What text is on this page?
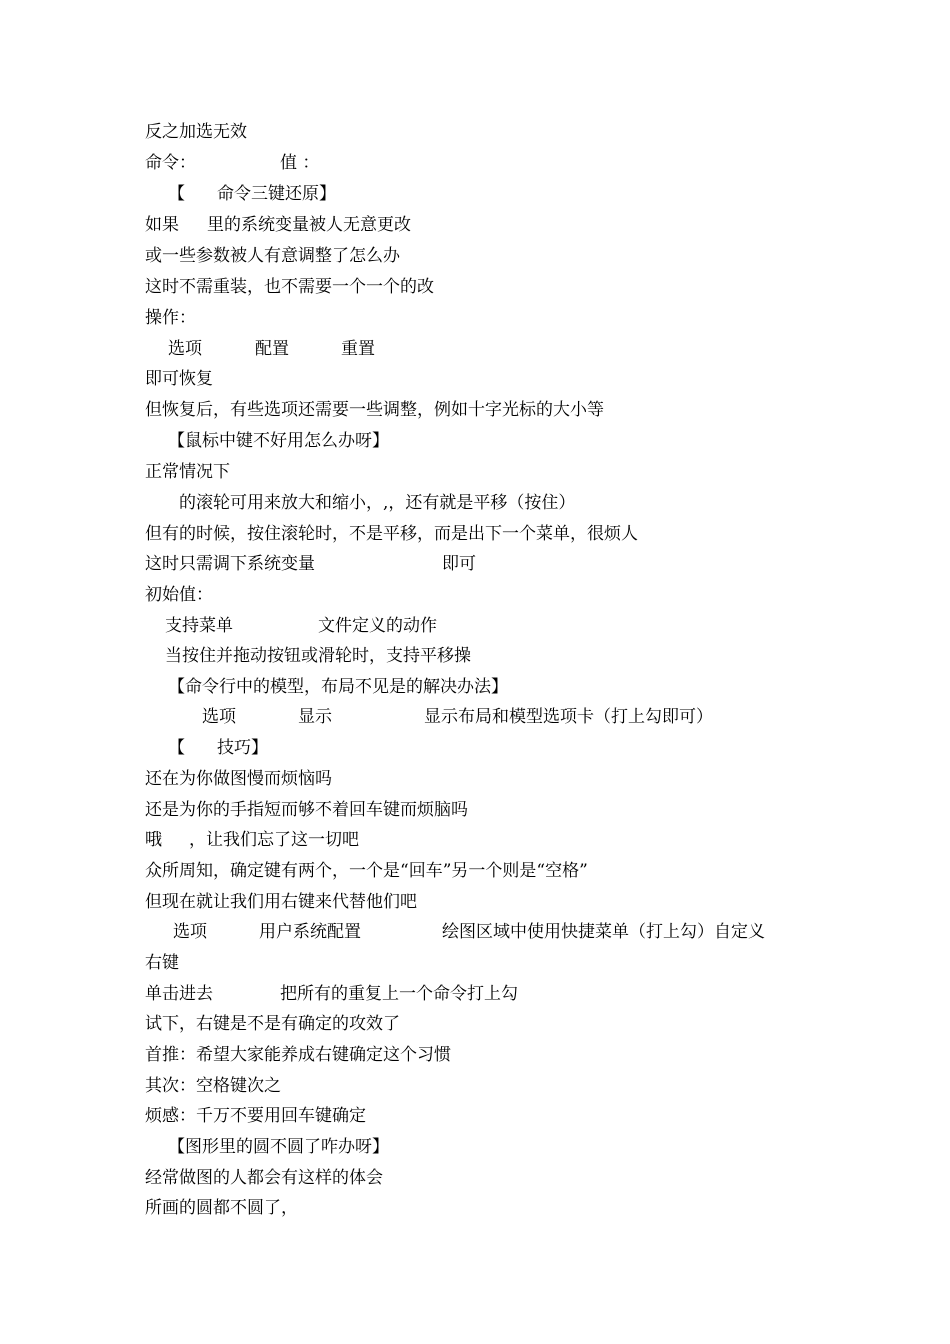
反之加选无效
命令：	值 ：
【 命令三键还原】
如果 里的系统变量被人无意更改
或一些参数被人有意调整了怎么办
这时不需重装，也不需要一个一个的改
操作：
选项	配置	重置
即可恢复
但恢复后，有些选项还需要一些调整，例如十字光标的大小等
【鼠标中键不好用怎么办呀】
正常情况下
的滚轮可用来放大和缩小，,，还有就是平移（按住）
但有的时候，按住滚轮时，不是平移，而是出下一个菜单，很烦人
这时只需调下系统变量	即可
初始值：
支持菜单	文件定义的动作
当按住并拖动按钮或滑轮时，支持平移操
【命令行中的模型，布局不见是的解决办法】
选项	显示	显示布局和模型选项卡（打上勾即可）
【 技巧】
还在为你做图慢而烦恼吗
还是为你的手指短而够不着回车键而烦脑吗
哦 ，让我们忘了这一切吧
众所周知，确定键有两个，一个是“回车”另一个则是“空格”
但现在就让我们用右键来代替他们吧
选项	用户系统配置	绘图区域中使用快捷菜单（打上勾）自定义
右键
单击进去	把所有的重复上一个命令打上勾
试下，右键是不是有确定的攻效了
首推：希望大家能养成右键确定这个习惯
其次：空格键次之
烦感：千万不要用回车键确定
【图形里的圆不圆了咋办呀】
经常做图的人都会有这样的体会
所画的圆都不圆了，
